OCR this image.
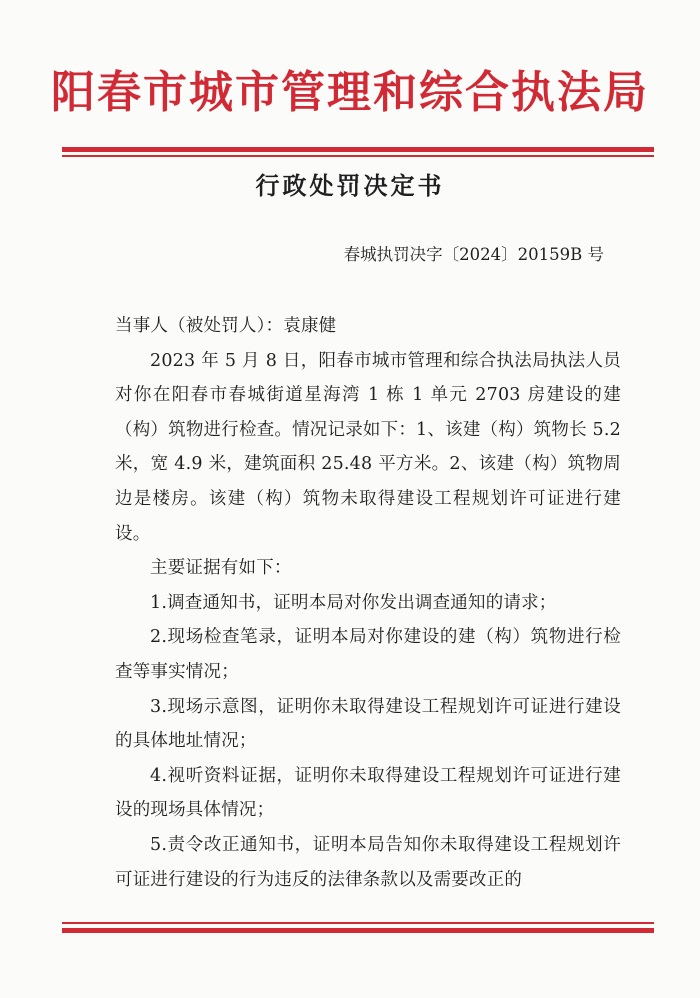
阳春市城市管理和综合执法局
行政处罚决定书
春城执罚决字〔2024〕20159B 号

当事人（被处罚人）：袁康健

2023 年 5 月 8 日，阳春市城市管理和综合执法局执法人员对你在阳春市春城街道星海湾 1 栋 1 单元 2703 房建设的建（构）筑物进行检查。情况记录如下：1、该建（构）筑物长 5.2 米，宽 4.9 米，建筑面积 25.48 平方米。2、该建（构）筑物周边是楼房。该建（构）筑物未取得建设工程规划许可证进行建设。

主要证据有如下：

1.调查通知书，证明本局对你发出调查通知的请求；

2.现场检查笔录，证明本局对你建设的建（构）筑物进行检查等事实情况；

3.现场示意图，证明你未取得建设工程规划许可证进行建设的具体地址情况；

4.视听资料证据，证明你未取得建设工程规划许可证进行建设的现场具体情况；

5.责令改正通知书，证明本局告知你未取得建设工程规划许可证进行建设的行为违反的法律条款以及需要改正的
